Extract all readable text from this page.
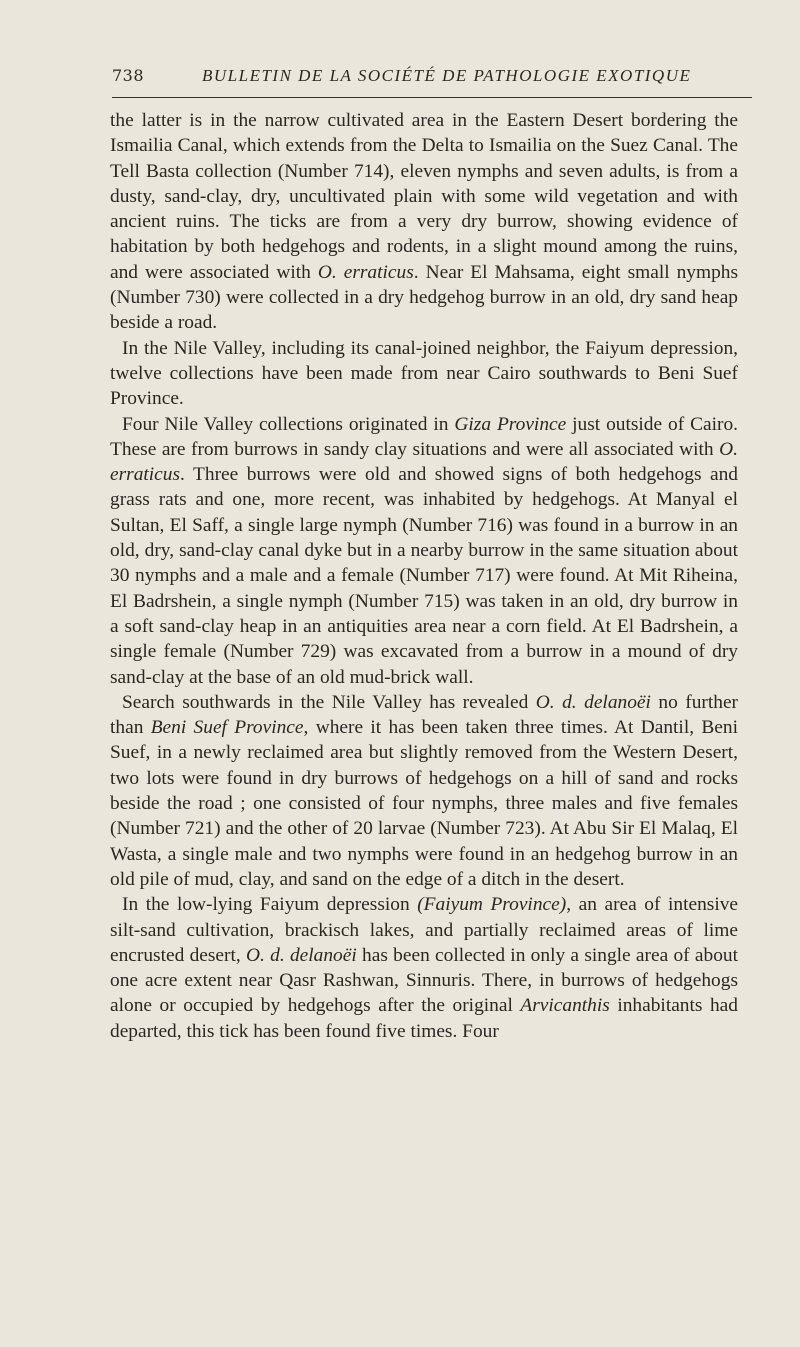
738	BULLETIN DE LA SOCIÉTÉ DE PATHOLOGIE EXOTIQUE

the latter is in the narrow cultivated area in the Eastern Desert bordering the Ismailia Canal, which extends from the Delta to Ismailia on the Suez Canal. The Tell Basta collection (Number 714), eleven nymphs and seven adults, is from a dusty, sand-clay, dry, uncultivated plain with some wild vegetation and with ancient ruins. The ticks are from a very dry burrow, showing evidence of habitation by both hedgehogs and rodents, in a slight mound among the ruins, and were associated with O. erraticus. Near El Mahsama, eight small nymphs (Number 730) were collected in a dry hedgehog burrow in an old, dry sand heap beside a road.

In the Nile Valley, including its canal-joined neighbor, the Faiyum depression, twelve collections have been made from near Cairo southwards to Beni Suef Province.

Four Nile Valley collections originated in Giza Province just outside of Cairo. These are from burrows in sandy clay situations and were all associated with O. erraticus. Three burrows were old and showed signs of both hedgehogs and grass rats and one, more recent, was inhabited by hedgehogs. At Manyal el Sultan, El Saff, a single large nymph (Number 716) was found in a burrow in an old, dry, sand-clay canal dyke but in a nearby burrow in the same situation about 30 nymphs and a male and a female (Number 717) were found. At Mit Riheina, El Badrshein, a single nymph (Number 715) was taken in an old, dry burrow in a soft sand-clay heap in an antiquities area near a corn field. At El Badrshein, a single female (Number 729) was excavated from a burrow in a mound of dry sand-clay at the base of an old mud-brick wall.

Search southwards in the Nile Valley has revealed O. d. delanoëi no further than Beni Suef Province, where it has been taken three times. At Dantil, Beni Suef, in a newly reclaimed area but slightly removed from the Western Desert, two lots were found in dry burrows of hedgehogs on a hill of sand and rocks beside the road ; one consisted of four nymphs, three males and five females (Number 721) and the other of 20 larvae (Number 723). At Abu Sir El Malaq, El Wasta, a single male and two nymphs were found in an hedgehog burrow in an old pile of mud, clay, and sand on the edge of a ditch in the desert.

In the low-lying Faiyum depression (Faiyum Province), an area of intensive silt-sand cultivation, brackisch lakes, and partially reclaimed areas of lime encrusted desert, O. d. delanoëi has been collected in only a single area of about one acre extent near Qasr Rashwan, Sinnuris. There, in burrows of hedgehogs alone or occupied by hedgehogs after the original Arvicanthis inhabitants had departed, this tick has been found five times. Four
